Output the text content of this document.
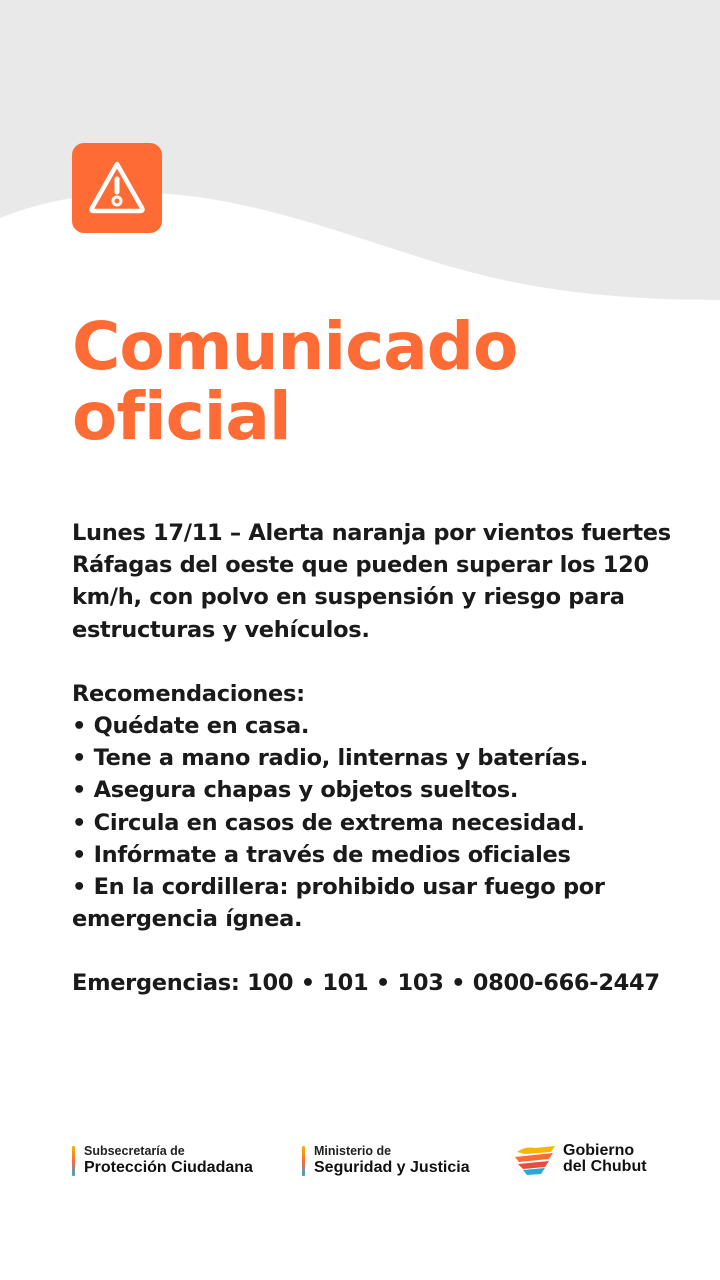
Comunicado
oficial

Lunes 17/11 – Alerta naranja por vientos fuertes
Ráfagas del oeste que pueden superar los 120
km/h, con polvo en suspensión y riesgo para
estructuras y vehículos.

Recomendaciones:
• Quédate en casa.
• Tene a mano radio, linternas y baterías.
• Asegura chapas y objetos sueltos.
• Circula en casos de extrema necesidad.
• Infórmate a través de medios oficiales
• En la cordillera: prohibido usar fuego por
emergencia ígnea.

Emergencias: 100 • 101 • 103 • 0800-666-2447

Subsecretaría de
Protección Ciudadana
Ministerio de
Seguridad y Justicia
Gobierno
del Chubut
